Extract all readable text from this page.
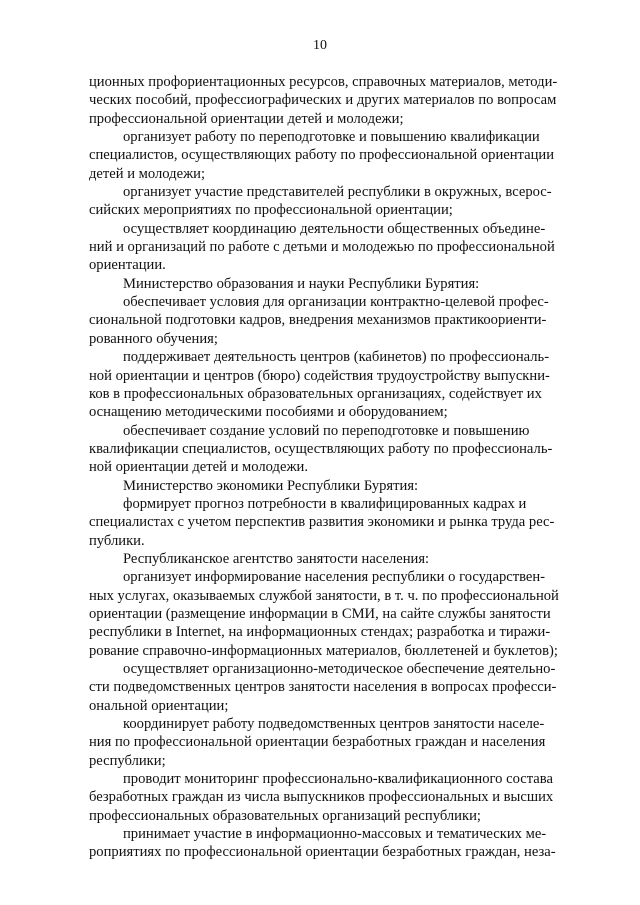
10

ционных профориентационных ресурсов, справочных материалов, методи-
ческих пособий, профессиографических и других материалов по вопросам
профессиональной ориентации детей и молодежи;

организует работу по переподготовке и повышению квалификации
специалистов, осуществляющих работу по профессиональной ориентации
детей и молодежи;

организует участие представителей республики в окружных, всерос-
сийских мероприятиях по профессиональной ориентации;

осуществляет координацию деятельности общественных объедине-
ний и организаций по работе с детьми и молодежью по профессиональной
ориентации.

Министерство образования и науки Республики Бурятия:

обеспечивает условия для организации контрактно-целевой профес-
сиональной подготовки кадров, внедрения механизмов практикоориенти-
рованного обучения;

поддерживает деятельность центров (кабинетов) по профессиональ-
ной ориентации и центров (бюро) содействия трудоустройству выпускни-
ков в профессиональных образовательных организациях, содействует их
оснащению методическими пособиями и оборудованием;

обеспечивает создание условий по переподготовке и повышению
квалификации специалистов, осуществляющих работу по профессиональ-
ной ориентации детей и молодежи.

Министерство экономики Республики Бурятия:

формирует прогноз потребности в квалифицированных кадрах и
специалистах с учетом перспектив развития экономики и рынка труда рес-
публики.

Республиканское агентство занятости населения:

организует информирование населения республики о государствен-
ных услугах, оказываемых службой занятости, в т. ч. по профессиональной
ориентации (размещение информации в СМИ, на сайте службы занятости
республики в Internet, на информационных стендах; разработка и тиражи-
рование справочно-информационных материалов, бюллетеней и буклетов);

осуществляет организационно-методическое обеспечение деятельно-
сти подведомственных центров занятости населения в вопросах професси-
ональной ориентации;

координирует работу подведомственных центров занятости населе-
ния по профессиональной ориентации безработных граждан и населения
республики;

проводит мониторинг профессионально-квалификационного состава
безработных граждан из числа выпускников профессиональных и высших
профессиональных образовательных организаций республики;

принимает участие в информационно-массовых и тематических ме-
роприятиях по профессиональной ориентации безработных граждан, неза-
